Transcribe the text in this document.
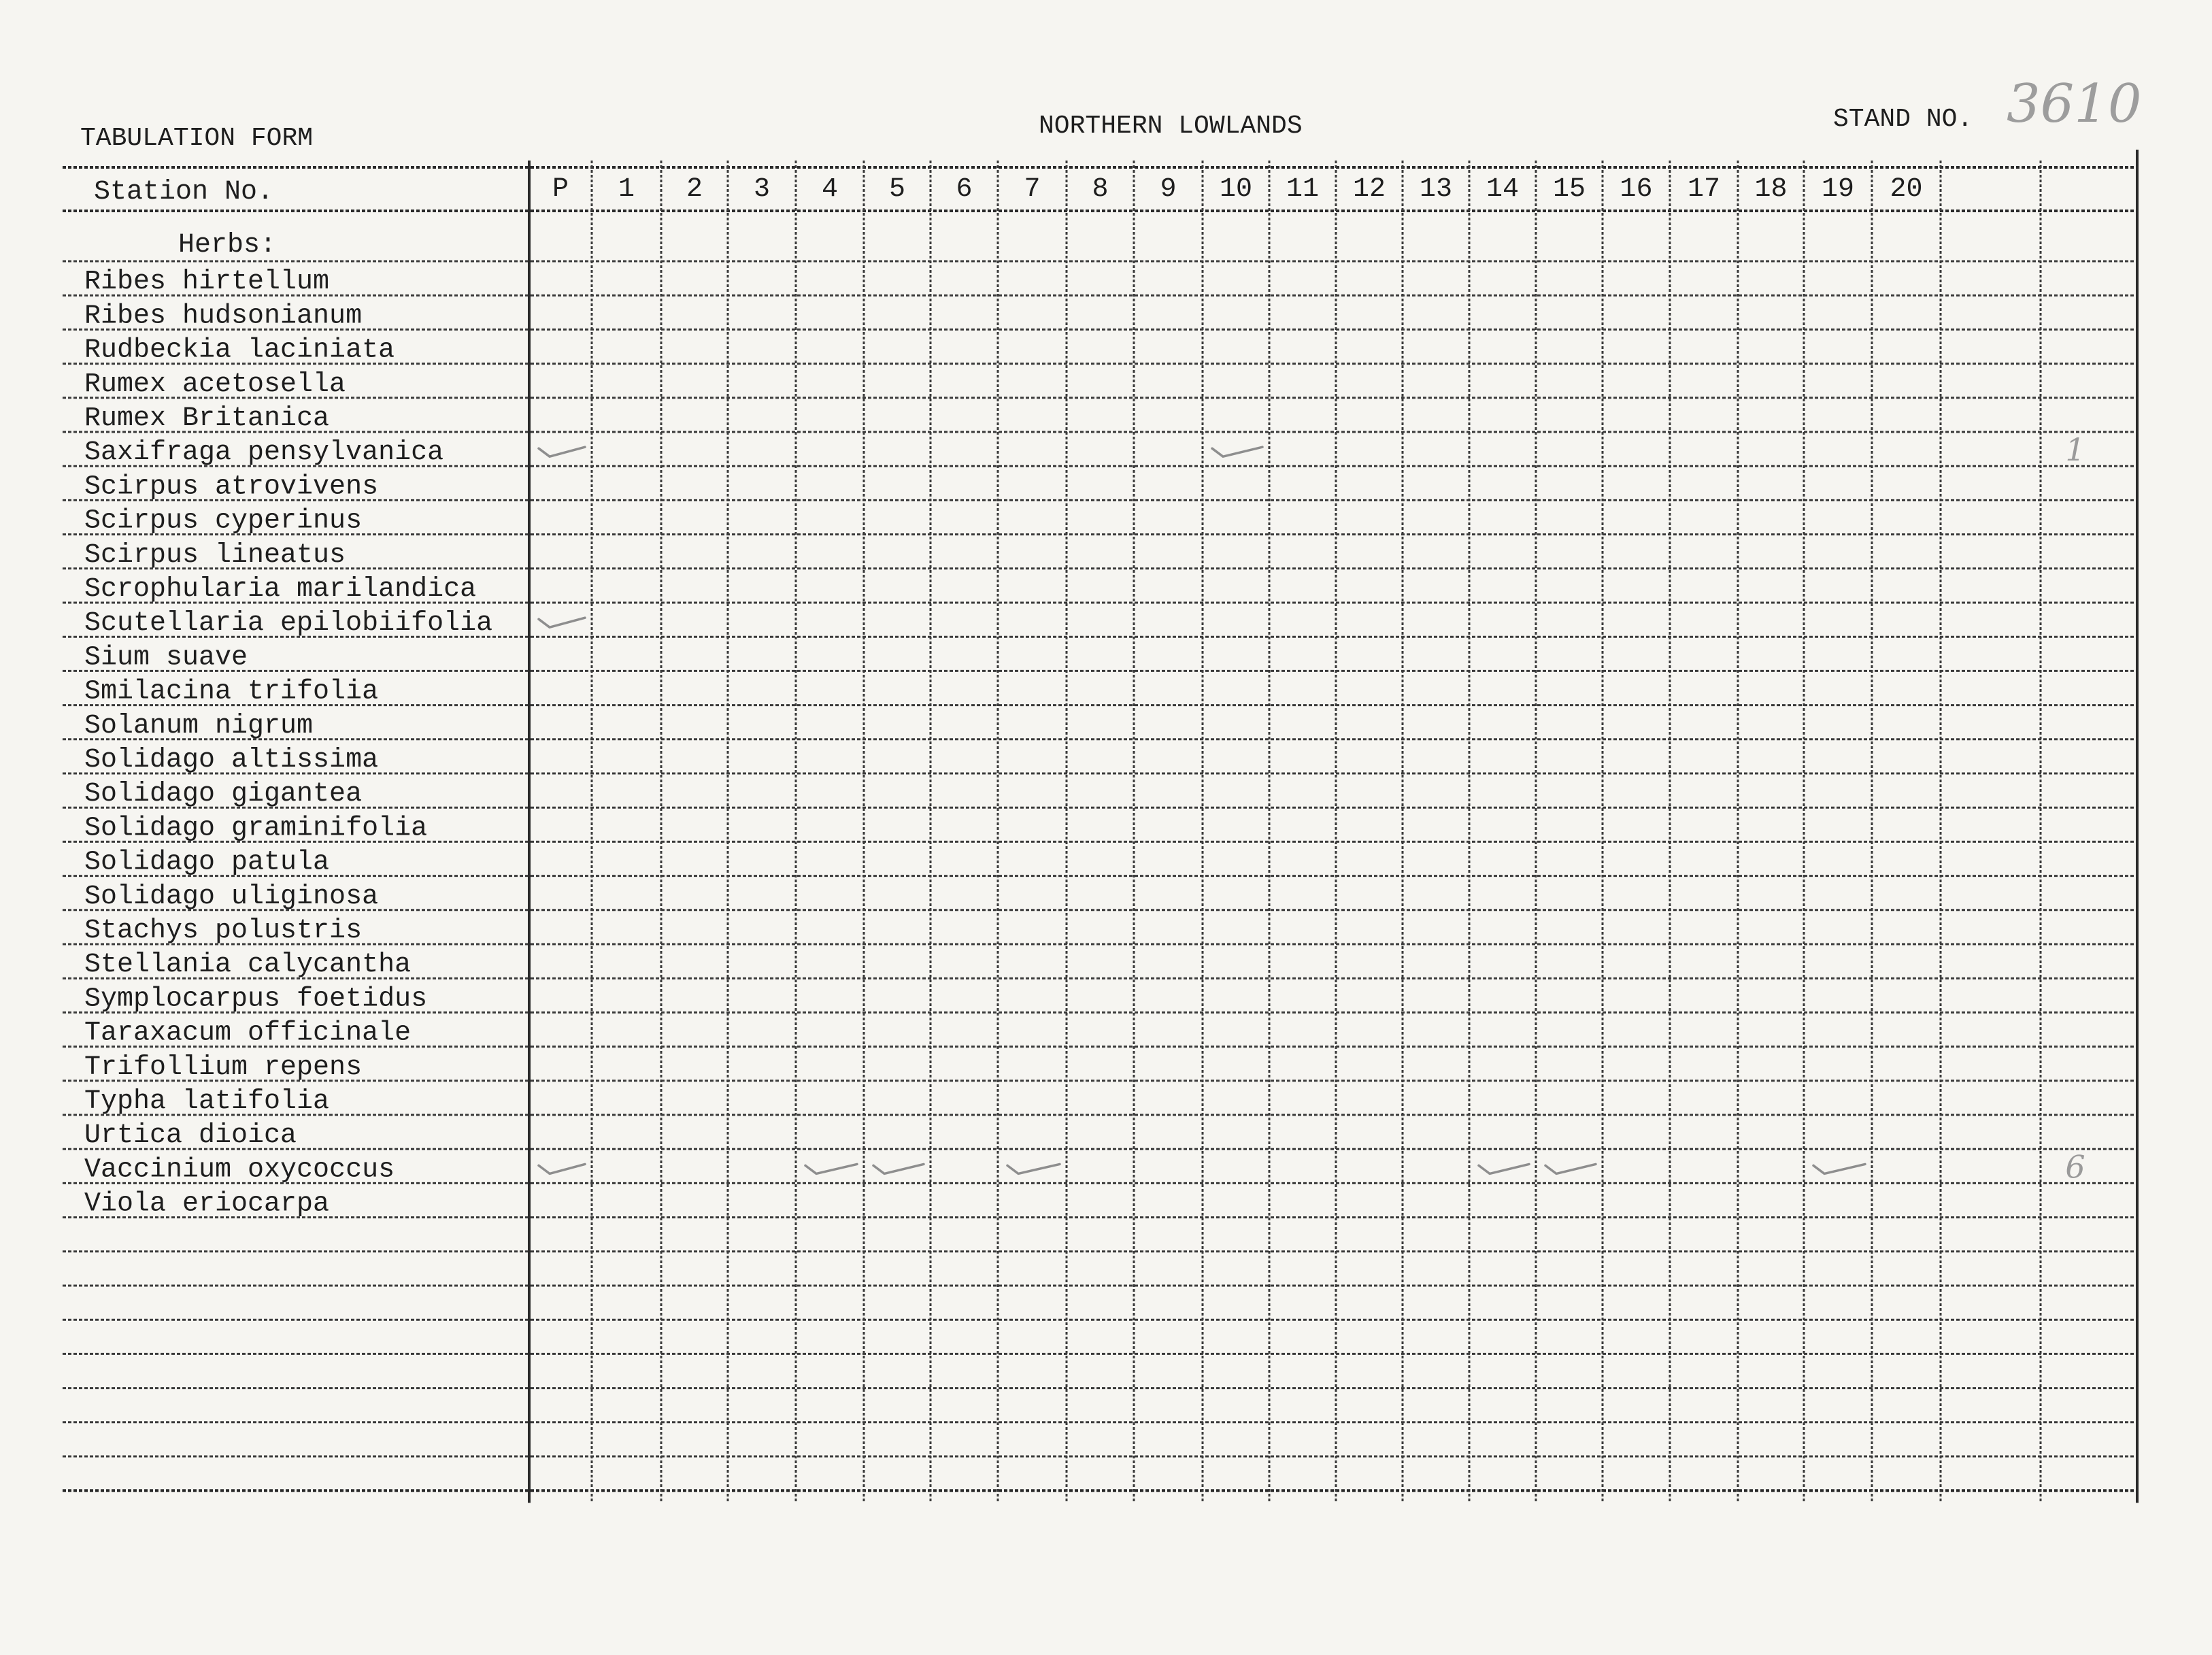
TABULATION FORM	NORTHERN LOWLANDS	STAND NO. 3610
Station No.
Herbs:
P 1 2 3 4 5 6 7 8 9 10 11 12 13 14 15 16 17 18 19 20
Ribes hirtellum
Ribes hudsonianum
Rudbeckia laciniata
Rumex acetosella
Rumex Britanica
Saxifraga pensylvanica
Scirpus atrovivens
Scirpus cyperinus
Scirpus lineatus
Scrophularia marilandica
Scutellaria epilobiifolia
Sium suave
Smilacina trifolia
Solanum nigrum
Solidago altissima
Solidago gigantea
Solidago graminifolia
Solidago patula
Solidago uliginosa
Stachys polustris
Stellania calycantha
Symplocarpus foetidus
Taraxacum officinale
Trifollium repens
Typha latifolia
Urtica dioica
Vaccinium oxycoccus
Viola eriocarpa
1
6
